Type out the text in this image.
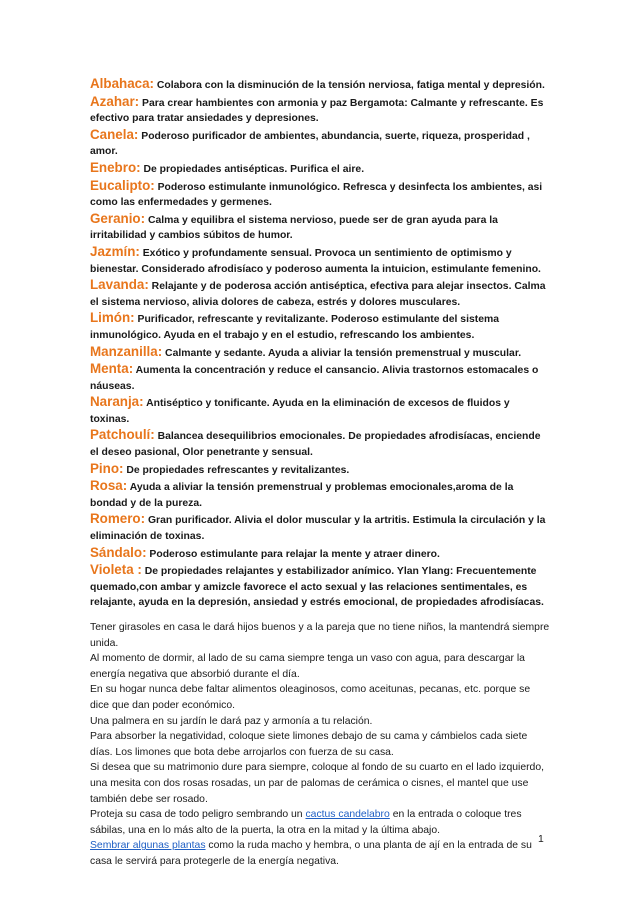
Albahaca: Colabora con la disminución de la tensión nerviosa, fatiga mental y depresión.

Azahar: Para crear hambientes con armonia y paz Bergamota: Calmante y refrescante. Es efectivo para tratar ansiedades y depresiones.

Canela: Poderoso purificador de ambientes, abundancia, suerte, riqueza, prosperidad , amor.

Enebro: De propiedades antisépticas. Purifica el aire.

Eucalipto: Poderoso estimulante inmunológico. Refresca y desinfecta los ambientes, asi como las enfermedades y germenes.

Geranio: Calma y equilibra el sistema nervioso, puede ser de gran ayuda para la irritabilidad y cambios súbitos de humor.

Jazmín: Exótico y profundamente sensual. Provoca un sentimiento de optimismo y bienestar. Considerado afrodisíaco y poderoso aumenta la intuicion, estimulante femenino.

Lavanda: Relajante y de poderosa acción antiséptica, efectiva para alejar insectos. Calma el sistema nervioso, alivia dolores de cabeza, estrés y dolores musculares.

Limón: Purificador, refrescante y revitalizante. Poderoso estimulante del sistema inmunológico. Ayuda en el trabajo y en el estudio, refrescando los ambientes.

Manzanilla: Calmante y sedante. Ayuda a aliviar la tensión premenstrual y muscular.

Menta: Aumenta la concentración y reduce el cansancio. Alivia trastornos estomacales o náuseas.

Naranja: Antiséptico y tonificante. Ayuda en la eliminación de excesos de fluidos y toxinas.

Patchoulí: Balancea desequilibrios emocionales. De propiedades afrodisíacas, enciende el deseo pasional, Olor penetrante y sensual.

Pino: De propiedades refrescantes y revitalizantes.

Rosa: Ayuda a aliviar la tensión premenstrual y problemas emocionales,aroma de la bondad y de la pureza.

Romero: Gran purificador. Alivia el dolor muscular y la artritis. Estimula la circulación y la eliminación de toxinas.

Sándalo: Poderoso estimulante para relajar la mente y atraer dinero.

Violeta : De propiedades relajantes y estabilizador anímico. Ylan Ylang: Frecuentemente quemado,con ambar y amizcle favorece el acto sexual y las relaciones sentimentales, es relajante, ayuda en la depresión, ansiedad y estrés emocional, de propiedades afrodisíacas.

Tener girasoles en casa le dará hijos buenos y a la pareja que no tiene niños, la mantendrá siempre unida.

Al momento de dormir, al lado de su cama siempre tenga un vaso con agua, para descargar la energía negativa que absorbió durante el día.

En su hogar nunca debe faltar alimentos oleaginosos, como aceitunas, pecanas, etc. porque se dice que dan poder económico.

Una palmera en su jardín le dará paz y armonía a tu relación.

Para absorber la negatividad, coloque siete limones debajo de su cama y cámbielos cada siete días. Los limones que bota debe arrojarlos con fuerza de su casa.

Si desea que su matrimonio dure para siempre, coloque al fondo de su cuarto en el lado izquierdo, una mesita con dos rosas rosadas, un par de palomas de cerámica o cisnes, el mantel que use también debe ser rosado.

Proteja su casa de todo peligro sembrando un cactus candelabro en la entrada o coloque tres sábilas, una en lo más alto de la puerta, la otra en la mitad y la última abajo.

Sembrar algunas plantas como la ruda macho y hembra, o una planta de ají en la entrada de su casa le servirá para protegerle de la energía negativa.

1
